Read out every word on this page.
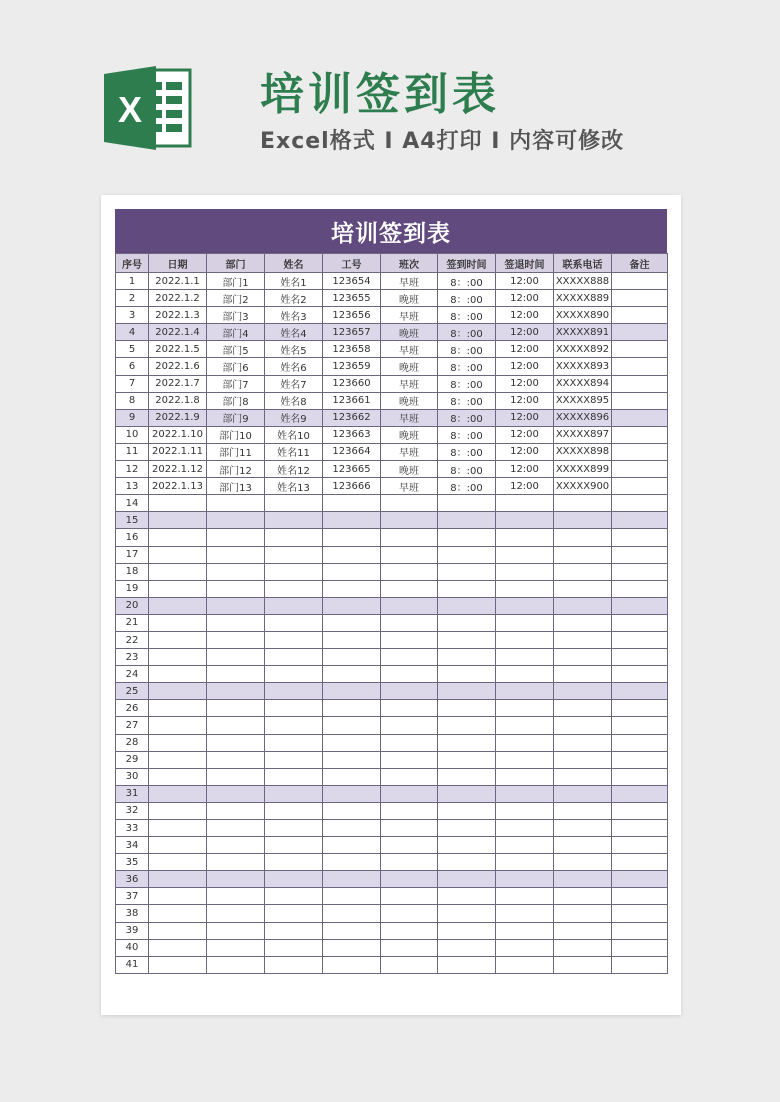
X	培训签到表
Excel格式 I A4打印 I 内容可修改
培训签到表
序号	日期	部门	姓名	工号	班次	签到时间	签退时间	联系电话	备注
1	2022.1.1	部门1	姓名1	123654	早班	8：:00	12:00	XXXXX888	
2	2022.1.2	部门2	姓名2	123655	晚班	8：:00	12:00	XXXXX889	
3	2022.1.3	部门3	姓名3	123656	早班	8：:00	12:00	XXXXX890	
4	2022.1.4	部门4	姓名4	123657	晚班	8：:00	12:00	XXXXX891	
5	2022.1.5	部门5	姓名5	123658	早班	8：:00	12:00	XXXXX892	
6	2022.1.6	部门6	姓名6	123659	晚班	8：:00	12:00	XXXXX893	
7	2022.1.7	部门7	姓名7	123660	早班	8：:00	12:00	XXXXX894	
8	2022.1.8	部门8	姓名8	123661	晚班	8：:00	12:00	XXXXX895	
9	2022.1.9	部门9	姓名9	123662	早班	8：:00	12:00	XXXXX896	
10	2022.1.10	部门10	姓名10	123663	晚班	8：:00	12:00	XXXXX897	
11	2022.1.11	部门11	姓名11	123664	早班	8：:00	12:00	XXXXX898	
12	2022.1.12	部门12	姓名12	123665	晚班	8：:00	12:00	XXXXX899	
13	2022.1.13	部门13	姓名13	123666	早班	8：:00	12:00	XXXXX900	
14									
15									
16									
17									
18									
19									
20									
21									
22									
23									
24									
25									
26									
27									
28									
29									
30									
31									
32									
33									
34									
35									
36									
37									
38									
39									
40									
41									
